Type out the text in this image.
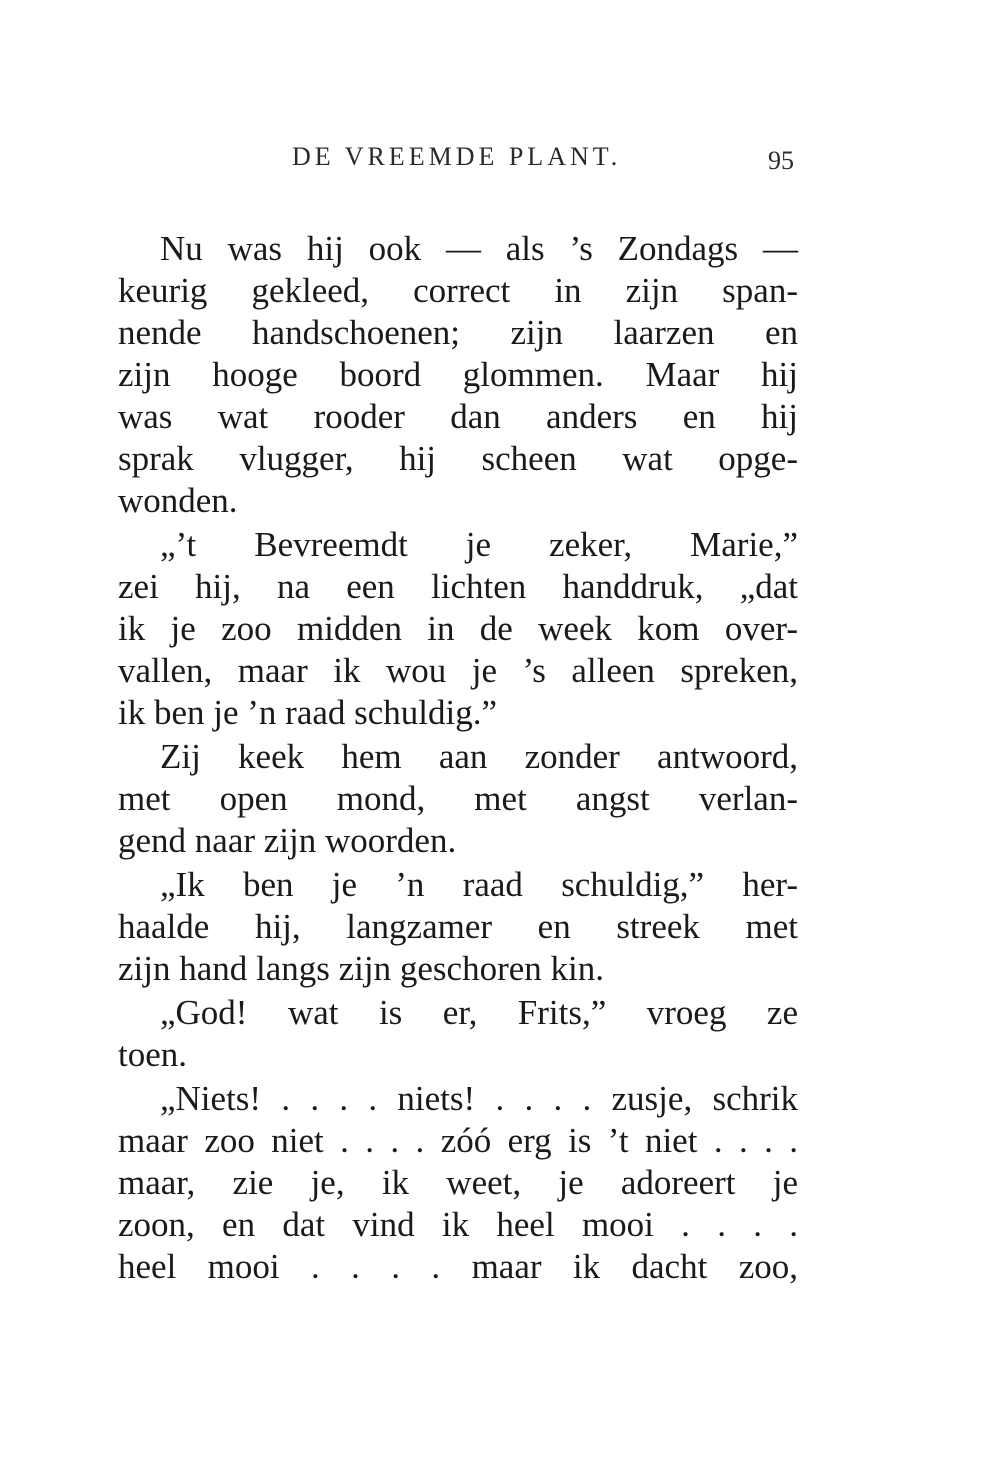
DE VREEMDE PLANT.	95
Nu was hij ook — als ’s Zondags —
keurig gekleed, correct in zijn span-
nende handschoenen; zijn laarzen en
zijn hooge boord glommen. Maar hij
was wat rooder dan anders en hij
sprak vlugger, hij scheen wat opge-
wonden.
„’t Bevreemdt je zeker, Marie,”
zei hij, na een lichten handdruk, „dat
ik je zoo midden in de week kom over-
vallen, maar ik wou je ’s alleen spreken,
ik ben je ’n raad schuldig.”
Zij keek hem aan zonder antwoord,
met open mond, met angst verlan-
gend naar zijn woorden.
„Ik ben je ’n raad schuldig,” her-
haalde hij, langzamer en streek met
zijn hand langs zijn geschoren kin.
„God! wat is er, Frits,” vroeg ze
toen.
„Niets! . . . . niets! . . . . zusje, schrik
maar zoo niet . . . . zóó erg is ’t niet . . . .
maar, zie je, ik weet, je adoreert je
zoon, en dat vind ik heel mooi . . . .
heel mooi . . . . maar ik dacht zoo,
